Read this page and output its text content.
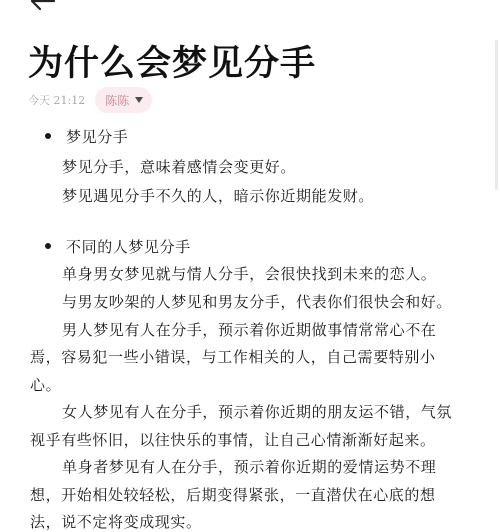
为什么会梦见分手
今天 21:12 陈陈
梦见分手
梦见分手，意味着感情会变更好。
梦见遇见分手不久的人，暗示你近期能发财。
不同的人梦见分手
单身男女梦见就与情人分手，会很快找到未来的恋人。
与男友吵架的人梦见和男友分手，代表你们很快会和好。
男人梦见有人在分手，预示着你近期做事情常常心不在
焉，容易犯一些小错误，与工作相关的人，自己需要特别小
心。
女人梦见有人在分手，预示着你近期的朋友运不错，气氛
视乎有些怀旧，以往快乐的事情，让自己心情渐渐好起来。
单身者梦见有人在分手，预示着你近期的爱情运势不理
想，开始相处较轻松，后期变得紧张，一直潜伏在心底的想
法，说不定将变成现实。
